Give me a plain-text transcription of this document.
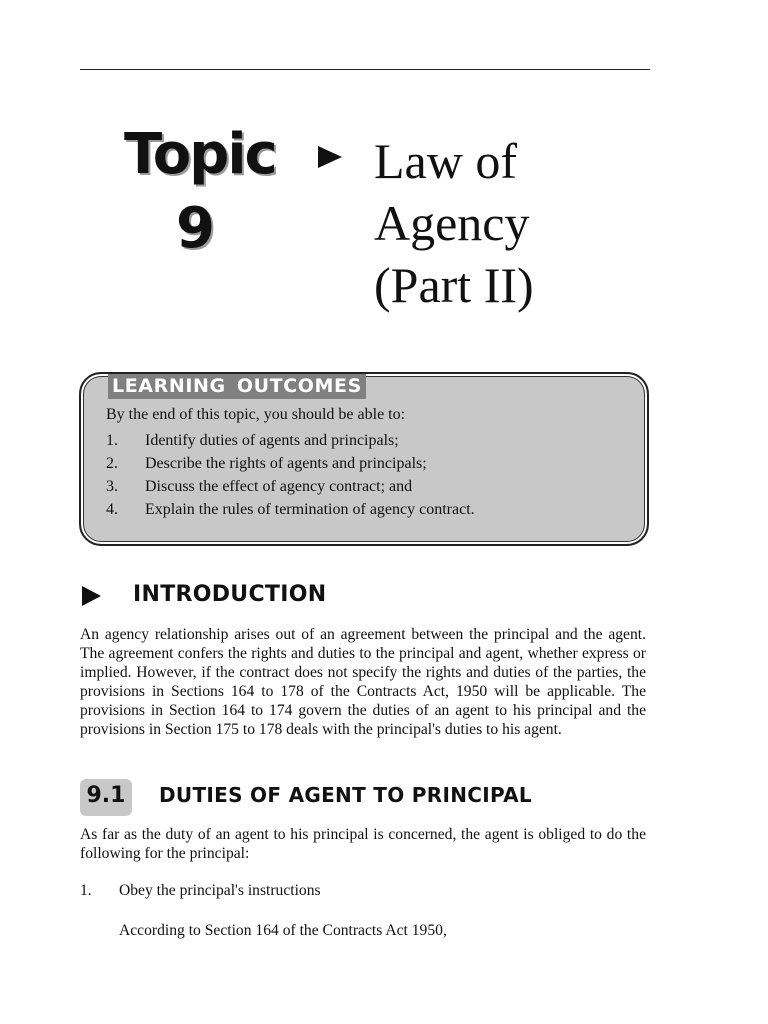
Topic
9
Law of
Agency
(Part II)
LEARNING OUTCOMES
By the end of this topic, you should be able to:
1. Identify duties of agents and principals;
2. Describe the rights of agents and principals;
3. Discuss the effect of agency contract; and
4. Explain the rules of termination of agency contract.
INTRODUCTION

An agency relationship arises out of an agreement between the principal and the agent. The agreement confers the rights and duties to the principal and agent, whether express or implied. However, if the contract does not specify the rights and duties of the parties, the provisions in Sections 164 to 178 of the Contracts Act, 1950 will be applicable. The provisions in Section 164 to 174 govern the duties of an agent to his principal and the provisions in Section 175 to 178 deals with the principal's duties to his agent.

9.1	DUTIES OF AGENT TO PRINCIPAL

As far as the duty of an agent to his principal is concerned, the agent is obliged to do the following for the principal:

1. Obey the principal's instructions
According to Section 164 of the Contracts Act 1950,
